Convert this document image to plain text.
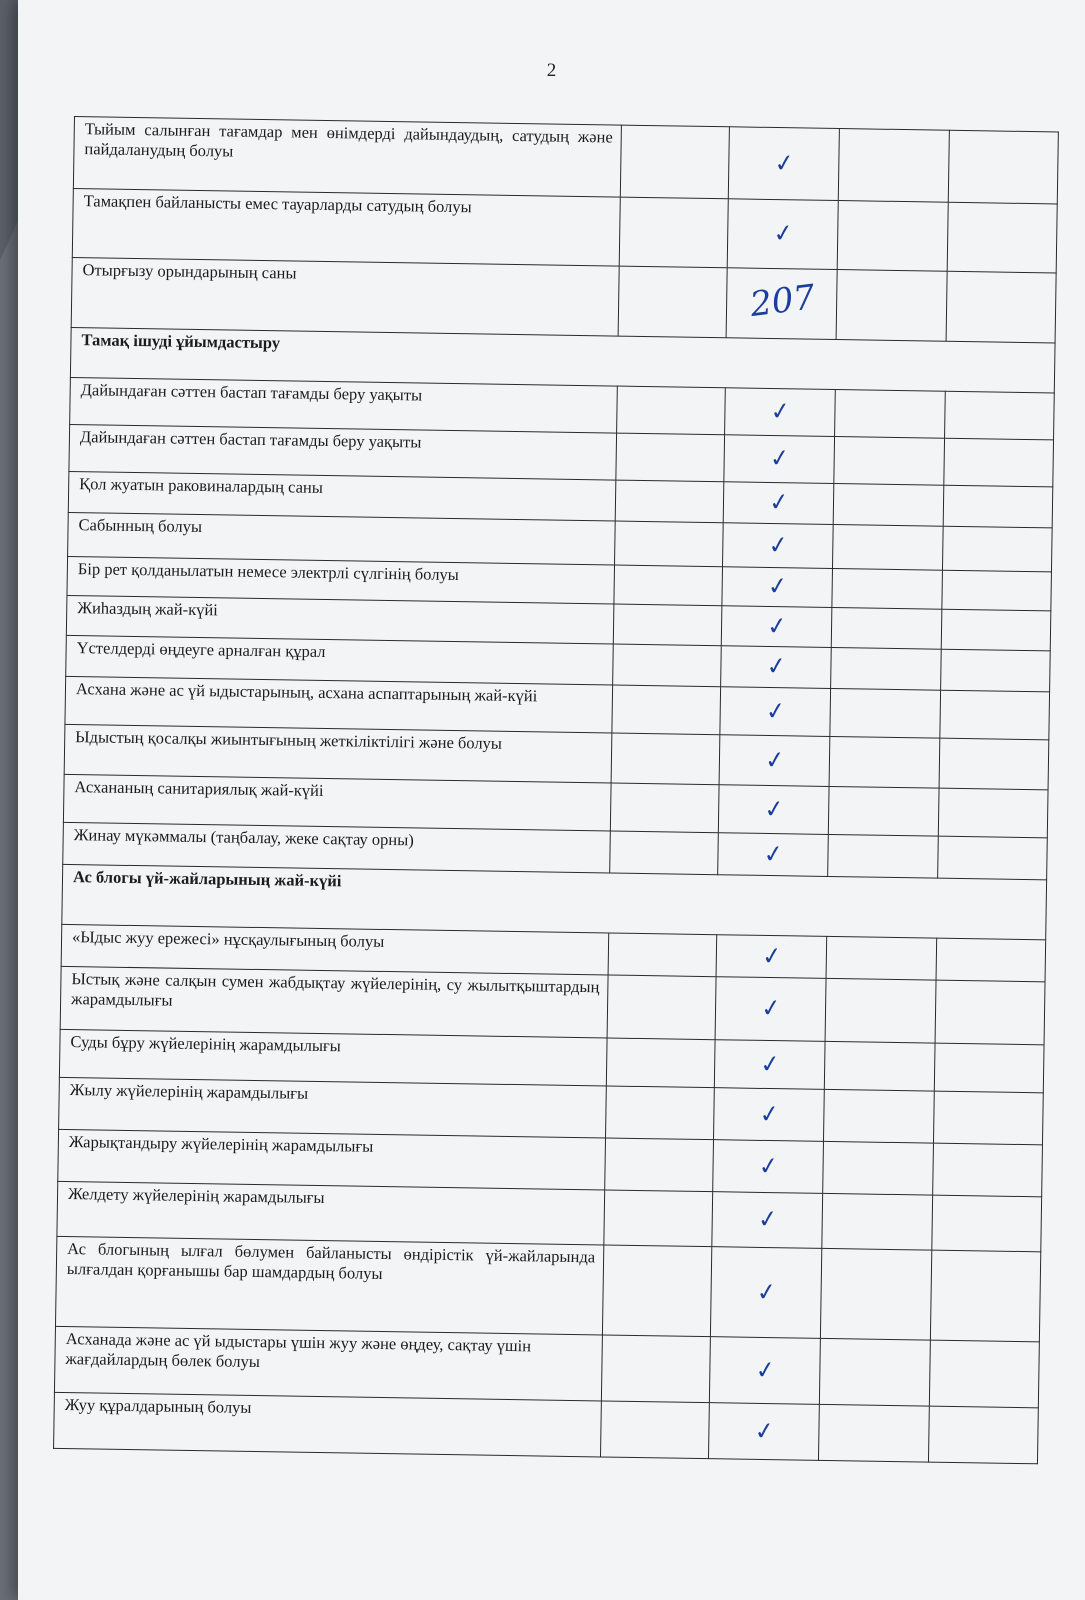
2
Тыйым салынған тағамдар мен өнімдерді дайындаудың, сатудың және пайдаланудың болуы		✓		
Тамақпен байланысты емес тауарларды сатудың болуы		✓		
Отырғызу орындарының саны		207		
Тамақ ішуді ұйымдастыру				
Дайындаған сәттен бастап тағамды беру уақыты		✓		
Дайындаған сәттен бастап тағамды беру уақыты		✓		
Қол жуатын раковиналардың саны		✓		
Сабынның болуы		✓		
Бір рет қолданылатын немесе электрлі сүлгінің болуы		✓		
Жиһаздың жай-күйі		✓		
Үстелдерді өңдеуге арналған құрал		✓		
Асхана және ас үй ыдыстарының, асхана аспаптарының жай-күйі		✓		
Ыдыстың қосалқы жиынтығының жеткіліктілігі және болуы		✓		
Асхананың санитариялық жай-күйі		✓		
Жинау мүкәммалы (таңбалау, жеке сақтау орны)		✓		
Ас блогы үй-жайларының жай-күйі				
«Ыдыс жуу ережесі» нұсқаулығының болуы		✓		
Ыстық және салқын сумен жабдықтау жүйелерінің, су жылытқыштардың жарамдылығы		✓		
Суды бұру жүйелерінің жарамдылығы		✓		
Жылу жүйелерінің жарамдылығы		✓		
Жарықтандыру жүйелерінің жарамдылығы		✓		
Желдету жүйелерінің жарамдылығы		✓		
Ас блогының ылғал бөлумен байланысты өндірістік үй-жайларында ылғалдан қорғанышы бар шамдардың болуы		✓		
Асханада және ас үй ыдыстары үшін жуу және өңдеу, сақтау үшін жағдайлардың бөлек болуы		✓		
Жуу құралдарының болуы		✓		
